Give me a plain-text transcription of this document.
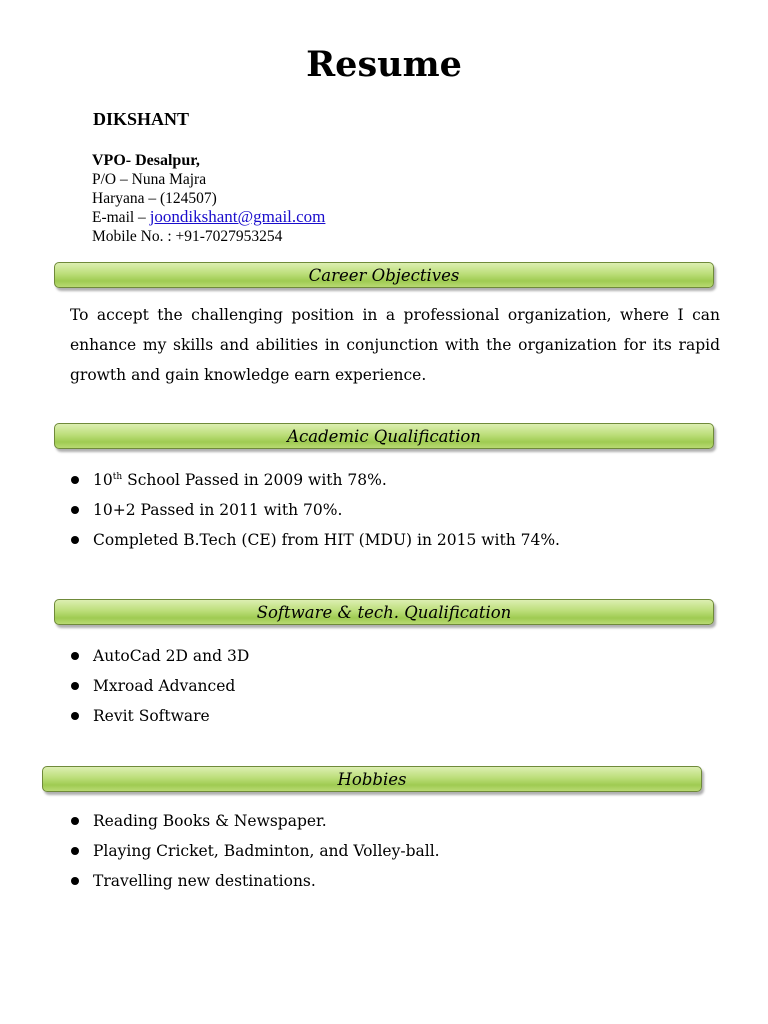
Resume
DIKSHANT
VPO- Desalpur,
P/O – Nuna Majra
Haryana – (124507)
E-mail – joondikshant@gmail.com
Mobile No. : +91-7027953254
Career Objectives

To accept the challenging position in a professional organization, where I can enhance my skills and abilities in conjunction with the organization for its rapid growth and gain knowledge earn experience.

Academic Qualification
10th School Passed in 2009 with 78%.
10+2 Passed in 2011 with 70%.
Completed B.Tech (CE) from HIT (MDU) in 2015 with 74%.
Software & tech. Qualification
AutoCad 2D and 3D
Mxroad Advanced
Revit Software
Hobbies
Reading Books & Newspaper.
Playing Cricket, Badminton, and Volley-ball.
Travelling new destinations.
